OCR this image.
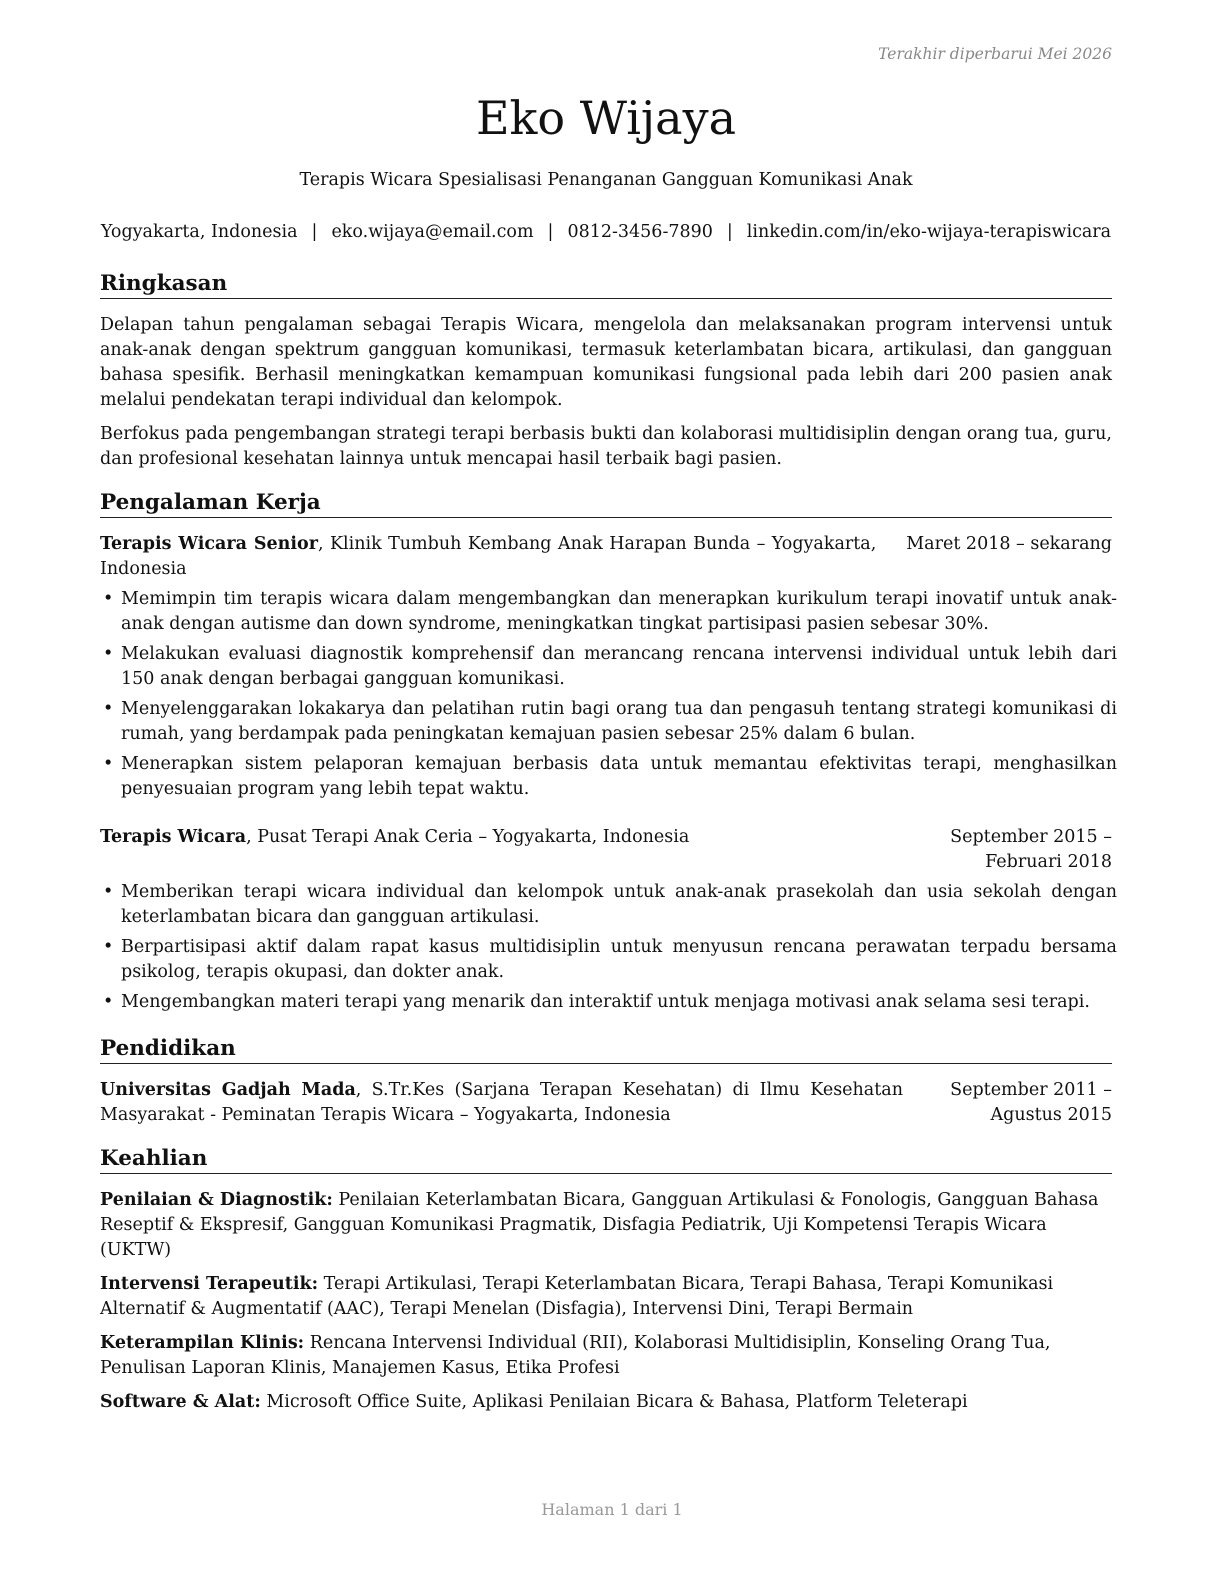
Terakhir diperbarui Mei 2026
Eko Wijaya
Terapis Wicara Spesialisasi Penanganan Gangguan Komunikasi Anak
Yogyakarta, Indonesia | eko.wijaya@email.com | 0812-3456-7890 | linkedin.com/in/eko-wijaya-terapiswicara
Ringkasan

Delapan tahun pengalaman sebagai Terapis Wicara, mengelola dan melaksanakan program intervensi untuk anak-anak dengan spektrum gangguan komunikasi, termasuk keterlambatan bicara, artikulasi, dan gangguan bahasa spesifik. Berhasil meningkatkan kemampuan komunikasi fungsional pada lebih dari 200 pasien anak melalui pendekatan terapi individual dan kelompok.

Berfokus pada pengembangan strategi terapi berbasis bukti dan kolaborasi multidisiplin dengan orang tua, guru, dan profesional kesehatan lainnya untuk mencapai hasil terbaik bagi pasien.

Pengalaman Kerja
Terapis Wicara Senior, Klinik Tumbuh Kembang Anak Harapan Bunda – Yogyakarta, Indonesia
Maret 2018 – sekarang
• Memimpin tim terapis wicara dalam mengembangkan dan menerapkan kurikulum terapi inovatif untuk anak-anak dengan autisme dan down syndrome, meningkatkan tingkat partisipasi pasien sebesar 30%.
• Melakukan evaluasi diagnostik komprehensif dan merancang rencana intervensi individual untuk lebih dari 150 anak dengan berbagai gangguan komunikasi.
• Menyelenggarakan lokakarya dan pelatihan rutin bagi orang tua dan pengasuh tentang strategi komunikasi di rumah, yang berdampak pada peningkatan kemajuan pasien sebesar 25% dalam 6 bulan.
• Menerapkan sistem pelaporan kemajuan berbasis data untuk memantau efektivitas terapi, menghasilkan penyesuaian program yang lebih tepat waktu.
Terapis Wicara, Pusat Terapi Anak Ceria – Yogyakarta, Indonesia	September 2015 – Februari 2018
• Memberikan terapi wicara individual dan kelompok untuk anak-anak prasekolah dan usia sekolah dengan keterlambatan bicara dan gangguan artikulasi.
• Berpartisipasi aktif dalam rapat kasus multidisiplin untuk menyusun rencana perawatan terpadu bersama psikolog, terapis okupasi, dan dokter anak.
• Mengembangkan materi terapi yang menarik dan interaktif untuk menjaga motivasi anak selama sesi terapi.
Pendidikan
Universitas Gadjah Mada, S.Tr.Kes (Sarjana Terapan Kesehatan) di Ilmu Kesehatan Masyarakat - Peminatan Terapis Wicara – Yogyakarta, Indonesia
September 2011 – Agustus 2015
Keahlian

Penilaian & Diagnostik: Penilaian Keterlambatan Bicara, Gangguan Artikulasi & Fonologis, Gangguan Bahasa Reseptif & Ekspresif, Gangguan Komunikasi Pragmatik, Disfagia Pediatrik, Uji Kompetensi Terapis Wicara (UKTW)

Intervensi Terapeutik: Terapi Artikulasi, Terapi Keterlambatan Bicara, Terapi Bahasa, Terapi Komunikasi Alternatif & Augmentatif (AAC), Terapi Menelan (Disfagia), Intervensi Dini, Terapi Bermain

Keterampilan Klinis: Rencana Intervensi Individual (RII), Kolaborasi Multidisiplin, Konseling Orang Tua, Penulisan Laporan Klinis, Manajemen Kasus, Etika Profesi

Software & Alat: Microsoft Office Suite, Aplikasi Penilaian Bicara & Bahasa, Platform Teleterapi

Halaman 1 dari 1
